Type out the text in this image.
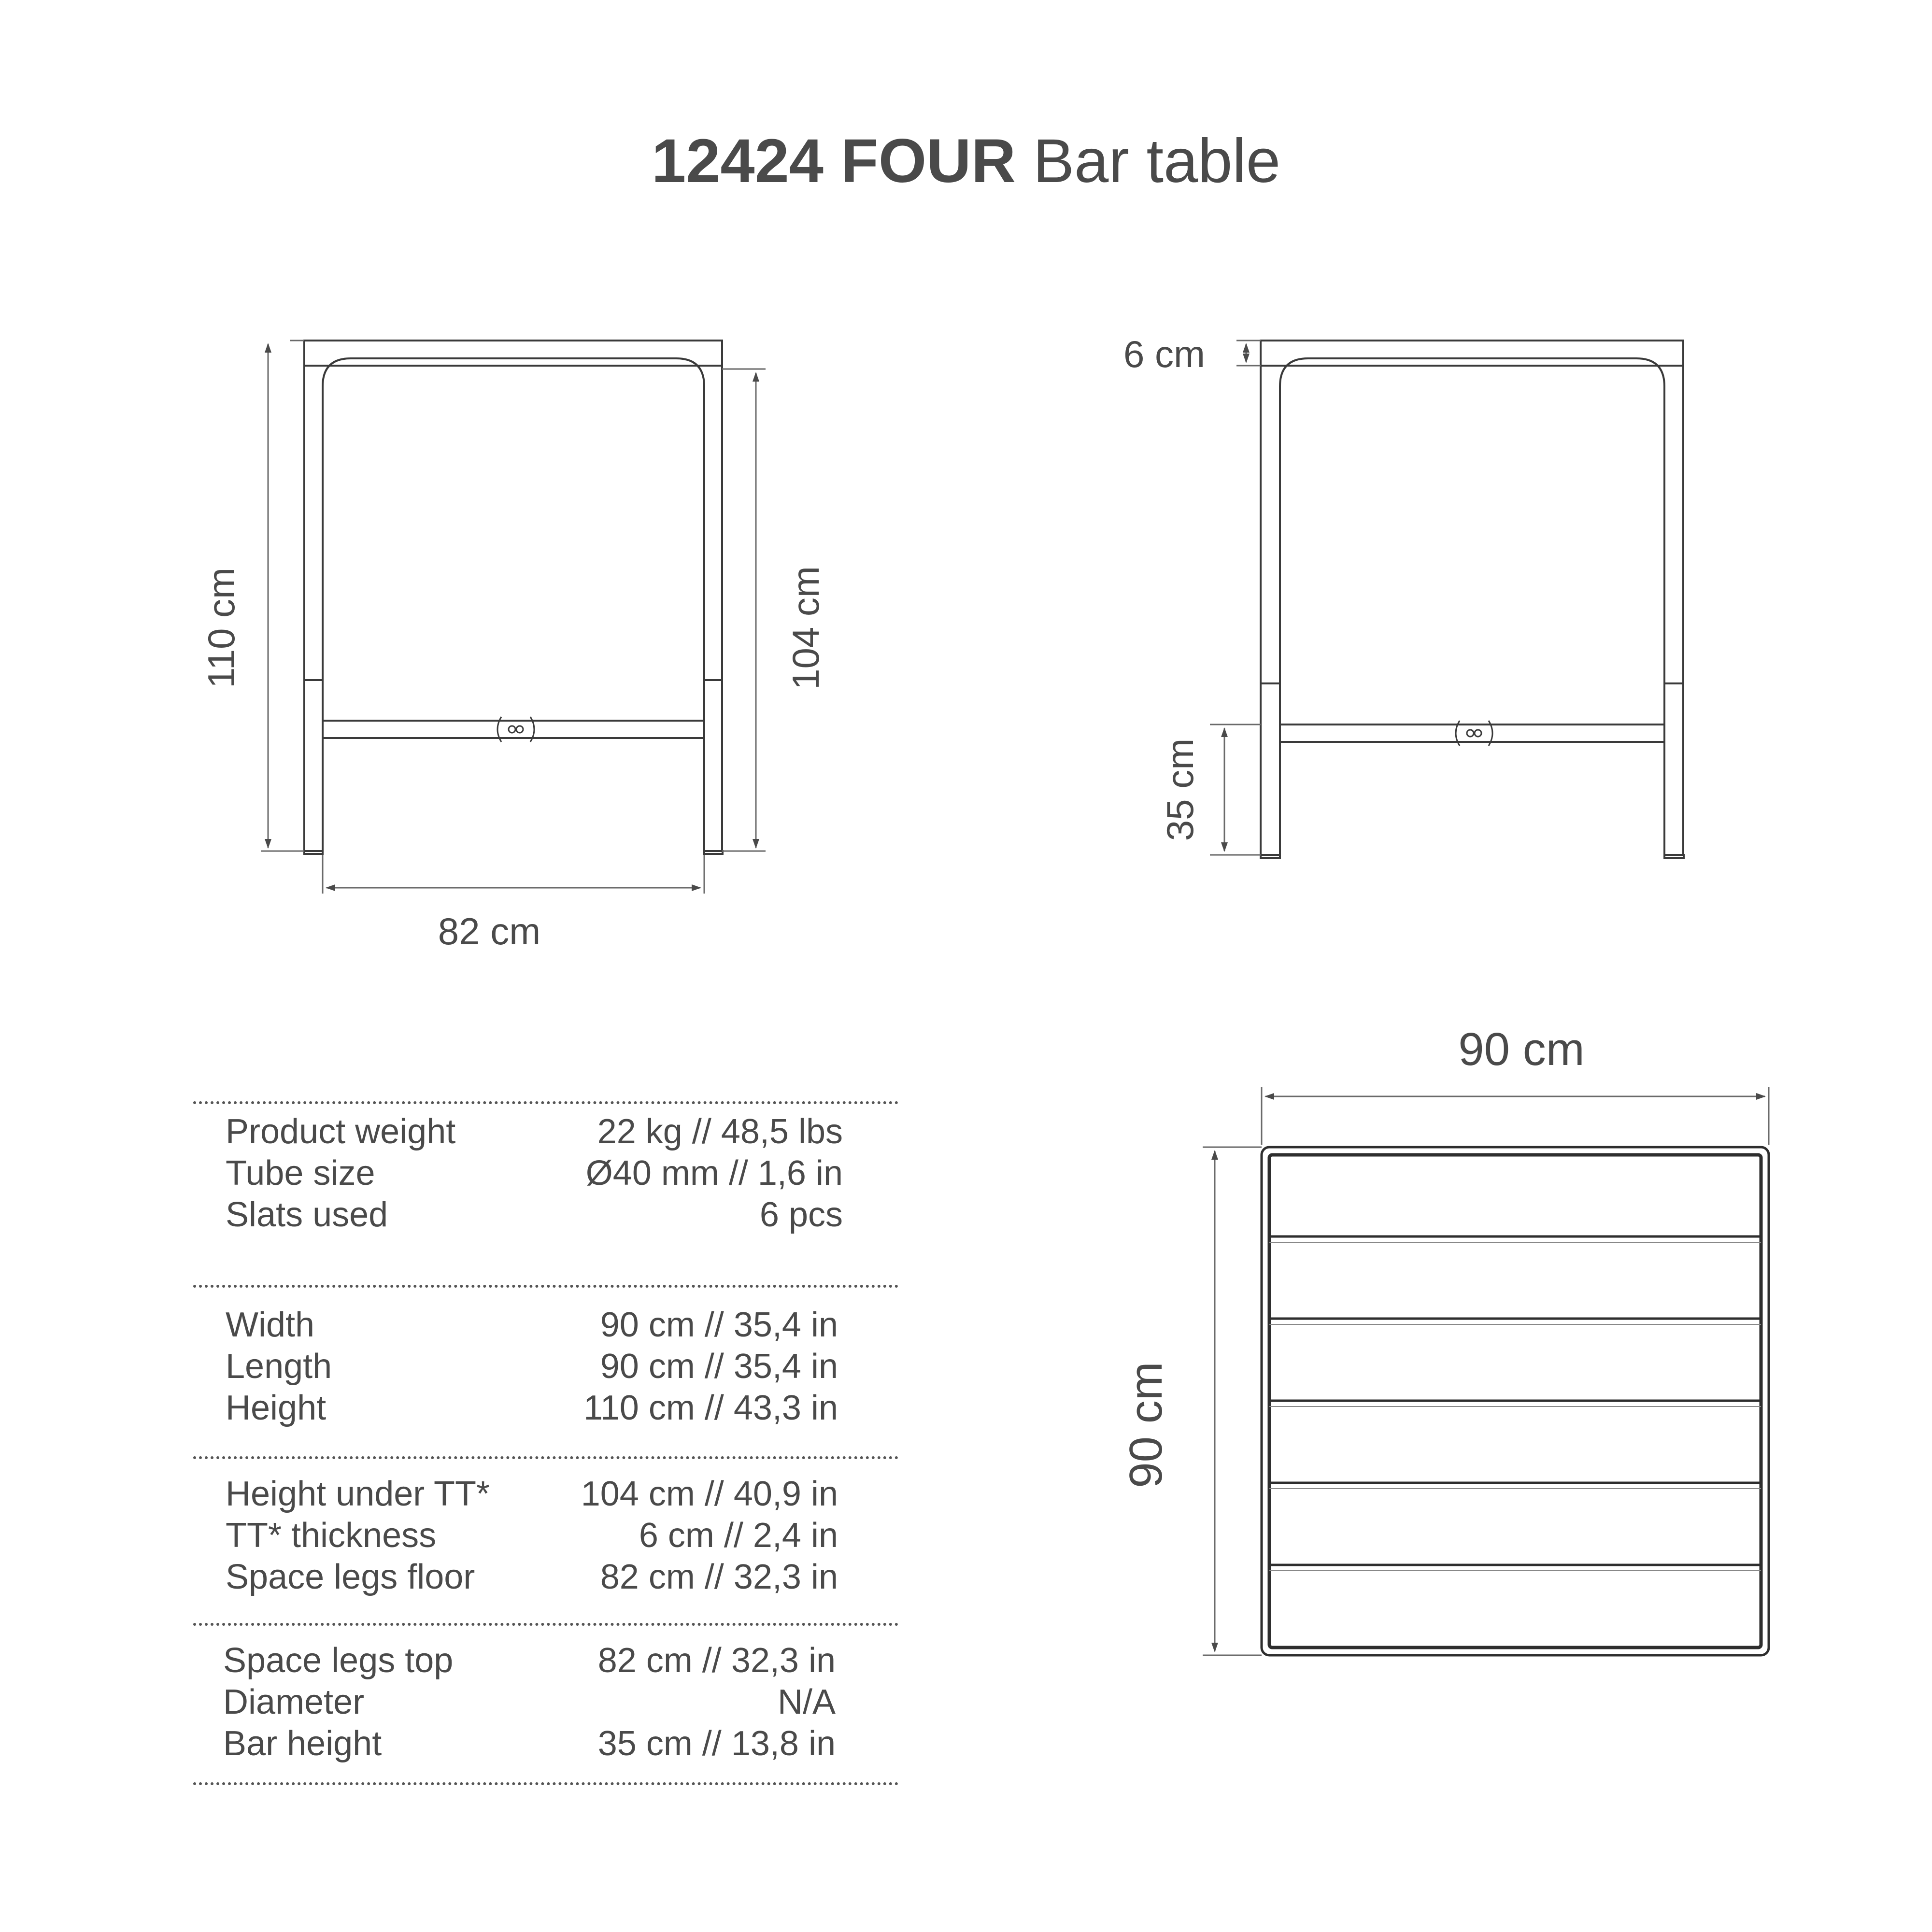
12424 FOUR Bar table
110 cm	104 cm
82 cm
6 cm
35 cm
90 cm
90 cm
Product weight	22 kg // 48,5 lbs
Tube size	Ø40 mm // 1,6 in
Slats used	6 pcs
Width	90 cm // 35,4 in
Length	90 cm // 35,4 in
Height	110 cm // 43,3 in
Height under TT*	104 cm // 40,9 in
TT* thickness	6 cm // 2,4 in
Space legs floor	82 cm // 32,3 in
Space legs top	82 cm // 32,3 in
Diameter	N/A
Bar height	35 cm // 13,8 in
